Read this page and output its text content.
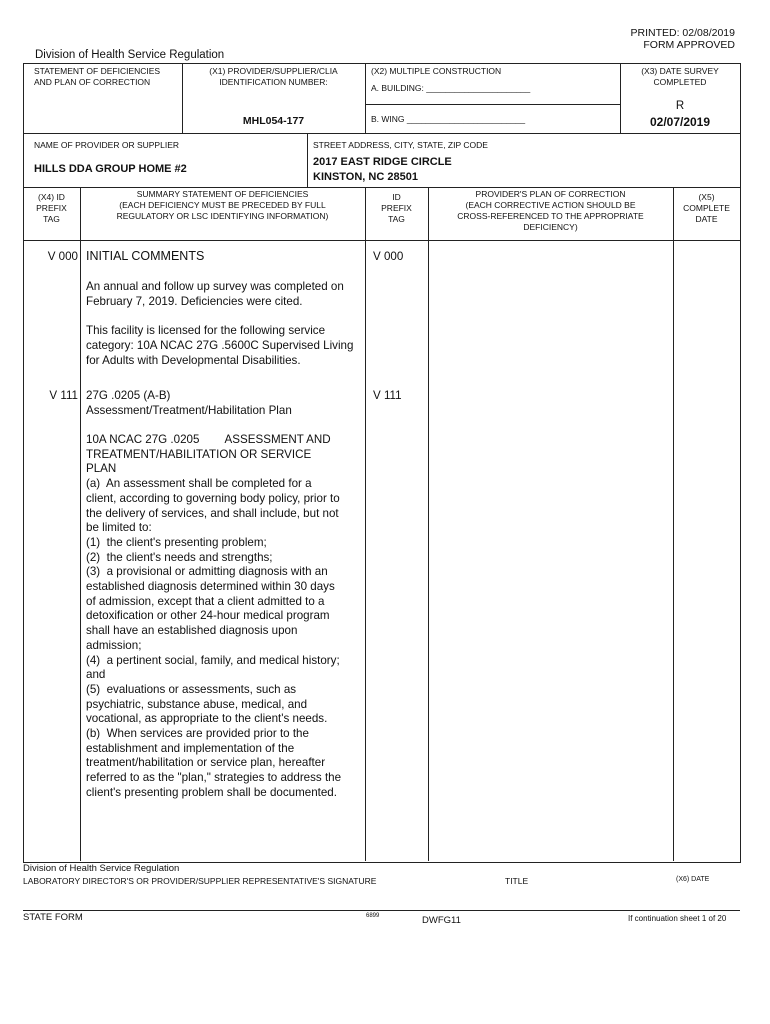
PRINTED: 02/08/2019
FORM APPROVED
Division of Health Service Regulation
STATEMENT OF DEFICIENCIES
AND PLAN OF CORRECTION
(X1) PROVIDER/SUPPLIER/CLIA
IDENTIFICATION NUMBER:
MHL054-177
(X2) MULTIPLE CONSTRUCTION
A. BUILDING: ______________________
B. WING _________________________
(X3) DATE SURVEY
COMPLETED
R
02/07/2019
NAME OF PROVIDER OR SUPPLIER
HILLS DDA GROUP HOME #2
STREET ADDRESS, CITY, STATE, ZIP CODE
2017 EAST RIDGE CIRCLE
KINSTON, NC 28501
(X4) ID
PREFIX
TAG
SUMMARY STATEMENT OF DEFICIENCIES
(EACH DEFICIENCY MUST BE PRECEDED BY FULL
REGULATORY OR LSC IDENTIFYING INFORMATION)
ID
PREFIX
TAG
PROVIDER'S PLAN OF CORRECTION
(EACH CORRECTIVE ACTION SHOULD BE
CROSS-REFERENCED TO THE APPROPRIATE
DEFICIENCY)
(X5)
COMPLETE
DATE
V 000 INITIAL COMMENTS	V 000

An annual and follow up survey was completed on February 7, 2019. Deficiencies were cited.

This facility is licensed for the following service category: 10A NCAC 27G .5600C Supervised Living for Adults with Developmental Disabilities.

V 111	V 111
27G .0205 (A-B)
Assessment/Treatment/Habilitation Plan
10A NCAC 27G .0205        ASSESSMENT AND
TREATMENT/HABILITATION OR SERVICE
PLAN
(a)  An assessment shall be completed for a
client, according to governing body policy, prior to
the delivery of services, and shall include, but not
be limited to:
(1)  the client's presenting problem;
(2)  the client's needs and strengths;
(3)  a provisional or admitting diagnosis with an
established diagnosis determined within 30 days
of admission, except that a client admitted to a
detoxification or other 24-hour medical program
shall have an established diagnosis upon
admission;
(4)  a pertinent social, family, and medical history;
and
(5)  evaluations or assessments, such as
psychiatric, substance abuse, medical, and
vocational, as appropriate to the client's needs.
(b)  When services are provided prior to the
establishment and implementation of the
treatment/habilitation or service plan, hereafter
referred to as the "plan," strategies to address the
client's presenting problem shall be documented.
Division of Health Service Regulation
LABORATORY DIRECTOR'S OR PROVIDER/SUPPLIER REPRESENTATIVE'S SIGNATURE	TITLE	(X6) DATE
STATE FORM	6899	DWFG11	If continuation sheet 1 of 20
